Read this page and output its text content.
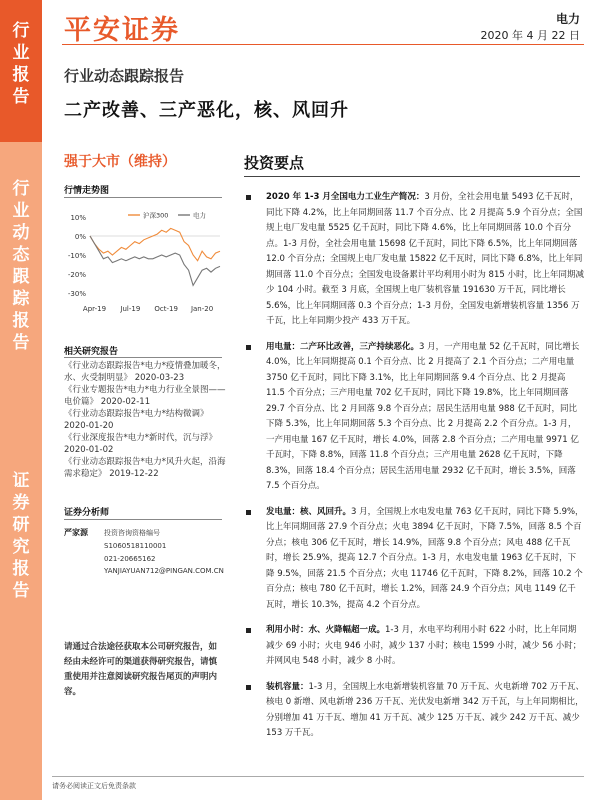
行
业
报
告
行
业
动
态
跟
踪
报
告
证
券
研
究
报
告
平安证券	电力
2020 年 4 月 22 日
行业动态跟踪报告
二产改善、三产恶化，核、风回升
强于大市（维持）
行情走势图
10%
0%
-10%
-20%
-30%
Apr-19 Jul-19 Oct-19 Jan-20
沪深300	电力
相关研究报告

《行业动态跟踪报告*电力*疫情叠加暖冬，水、火受制明显》 2020-03-23

《行业专题报告*电力*电力行业全景图——电价篇》 2020-02-11

《行业动态跟踪报告*电力*结构微调》 2020-01-20

《行业深度报告*电力*新时代，沉与浮》 2020-01-02

《行业动态跟踪报告*电力*风升火起，沿海需求稳定》 2019-12-22

证券分析师
严家源 投资咨询资格编号
S1060518110001
021-20665162
YANJIAYUAN712@PINGAN.COM.CN
请通过合法途径获取本公司研究报告，如经由未经许可的渠道获得研究报告，请慎重使用并注意阅读研究报告尾页的声明内容。
投资要点
2020 年 1-3 月全国电力工业生产简况：3 月份，全社会用电量 5493 亿千瓦时，同比下降 4.2%，比上年同期回落 11.7 个百分点、比 2 月提高 5.9 个百分点；全国规上电厂发电量 5525 亿千瓦时，同比下降 4.6%，比上年同期回落 10.0 个百分点。1-3 月份，全社会用电量 15698 亿千瓦时，同比下降 6.5%，比上年同期回落 12.0 个百分点；全国规上电厂发电量 15822 亿千瓦时，同比下降 6.8%，比上年同期回落 11.0 个百分点；全国发电设备累计平均利用小时为 815 小时，比上年同期减少 104 小时。截至 3 月底，全国规上电厂装机容量 191630 万千瓦，同比增长 5.6%，比上年同期回落 0.3 个百分点；1-3 月份，全国发电新增装机容量 1356 万千瓦，比上年同期少投产 433 万千瓦。
用电量：二产环比改善，三产持续恶化。3 月，一产用电量 52 亿千瓦时，同比增长 4.0%，比上年同期提高 0.1 个百分点、比 2 月提高了 2.1 个百分点；二产用电量 3750 亿千瓦时，同比下降 3.1%，比上年同期回落 9.4 个百分点、比 2 月提高 11.5 个百分点；三产用电量 702 亿千瓦时，同比下降 19.8%，比上年同期回落 29.7 个百分点、比 2 月回落 9.8 个百分点；居民生活用电量 988 亿千瓦时，同比下降 5.3%，比上年同期回落 5.3 个百分点、比 2 月提高 2.2 个百分点。1-3 月，一产用电量 167 亿千瓦时，增长 4.0%，回落 2.8 个百分点；二产用电量 9971 亿千瓦时，下降 8.8%，回落 11.8 个百分点；三产用电量 2628 亿千瓦时，下降 8.3%，回落 18.4 个百分点；居民生活用电量 2932 亿千瓦时，增长 3.5%，回落 7.5 个百分点。
发电量：核、风回升。3 月，全国规上水电发电量 763 亿千瓦时，同比下降 5.9%，比上年同期回落 27.9 个百分点；火电 3894 亿千瓦时，下降 7.5%，回落 8.5 个百分点；核电 306 亿千瓦时，增长 14.9%，回落 9.8 个百分点；风电 488 亿千瓦时，增长 25.9%，提高 12.7 个百分点。1-3 月，水电发电量 1963 亿千瓦时，下降 9.5%，回落 21.5 个百分点；火电 11746 亿千瓦时，下降 8.2%，回落 10.2 个百分点；核电 780 亿千瓦时，增长 1.2%，回落 24.9 个百分点；风电 1149 亿千瓦时，增长 10.3%，提高 4.2 个百分点。
利用小时：水、火降幅超一成。1-3 月，水电平均利用小时 622 小时，比上年同期减少 69 小时；火电 946 小时，减少 137 小时；核电 1599 小时，减少 56 小时；并网风电 548 小时，减少 8 小时。
装机容量：1-3 月，全国规上水电新增装机容量 70 万千瓦、火电新增 702 万千瓦、核电 0 新增、风电新增 236 万千瓦、光伏发电新增 342 万千瓦，与上年同期相比，分别增加 41 万千瓦、增加 41 万千瓦、减少 125 万千瓦、减少 242 万千瓦、减少 153 万千瓦。
请务必阅读正文后免责条款
